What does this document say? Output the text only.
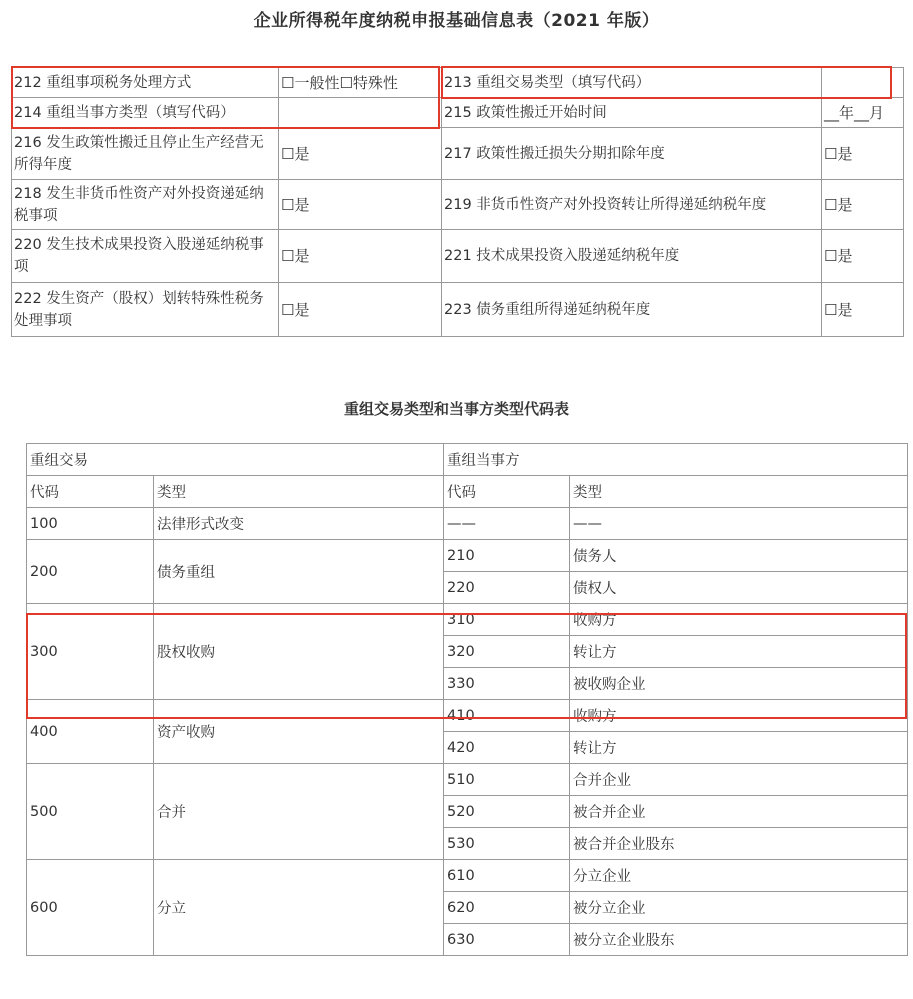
企业所得税年度纳税申报基础信息表（2021 年版）
212 重组事项税务处理方式	☐一般性☐特殊性	213 重组交易类型（填写代码）	
214 重组当事方类型（填写代码）		215 政策性搬迁开始时间	__年__月
216 发生政策性搬迁且停止生产经营无所得年度	☐是	217 政策性搬迁损失分期扣除年度	☐是
218 发生非货币性资产对外投资递延纳税事项	☐是	219 非货币性资产对外投资转让所得递延纳税年度	☐是
220 发生技术成果投资入股递延纳税事项	☐是	221 技术成果投资入股递延纳税年度	☐是
222 发生资产（股权）划转特殊性税务处理事项	☐是	223 债务重组所得递延纳税年度	☐是
重组交易类型和当事方类型代码表
重组交易		重组当事方	
代码	类型	代码	类型
100	法律形式改变	——	——
200	债务重组	210	债务人
		220	债权人
300	股权收购	310	收购方
		320	转让方
		330	被收购企业
400	资产收购	410	收购方
		420	转让方
500	合并	510	合并企业
		520	被合并企业
		530	被合并企业股东
600	分立	610	分立企业
		620	被分立企业
		630	被分立企业股东
